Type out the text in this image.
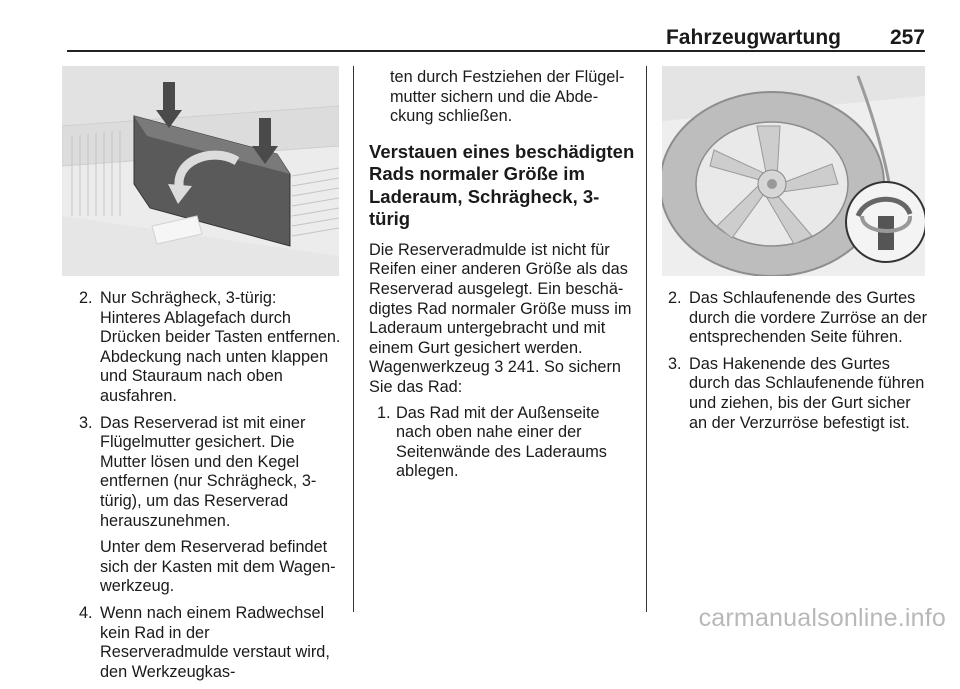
Fahrzeugwartung 257
2. Nur Schrägheck, 3-türig: Hinteres Ablagefach durch Drücken beider Tasten entfernen. Abdeckung nach unten klappen und Stauraum nach oben ausfahren.
3. Das Reserverad ist mit einer Flügelmutter gesichert. Die Mutter lösen und den Kegel entfernen (nur Schrägheck, 3-türig), um das Reserverad herauszunehmen.
Unter dem Reserverad befindet sich der Kasten mit dem Wagenwerkzeug.
4. Wenn nach einem Radwechsel kein Rad in der Reserveradmulde verstaut wird, den Werkzeugkas-
ten durch Festziehen der Flügelmutter sichern und die Abdeckung schließen.
Verstauen eines beschädigten Rads normaler Größe im Laderaum, Schrägheck, 3-türig
Die Reserveradmulde ist nicht für Reifen einer anderen Größe als das Reserverad ausgelegt. Ein beschädigtes Rad normaler Größe muss im Laderaum untergebracht und mit einem Gurt gesichert werden. Wagenwerkzeug 3 241. So sichern Sie das Rad:
1. Das Rad mit der Außenseite nach oben nahe einer der Seitenwände des Laderaums ablegen.
2. Das Schlaufenende des Gurtes durch die vordere Zurröse an der entsprechenden Seite führen.
3. Das Hakenende des Gurtes durch das Schlaufenende führen und ziehen, bis der Gurt sicher an der Verzurröse befestigt ist.
carmanualsonline.info
